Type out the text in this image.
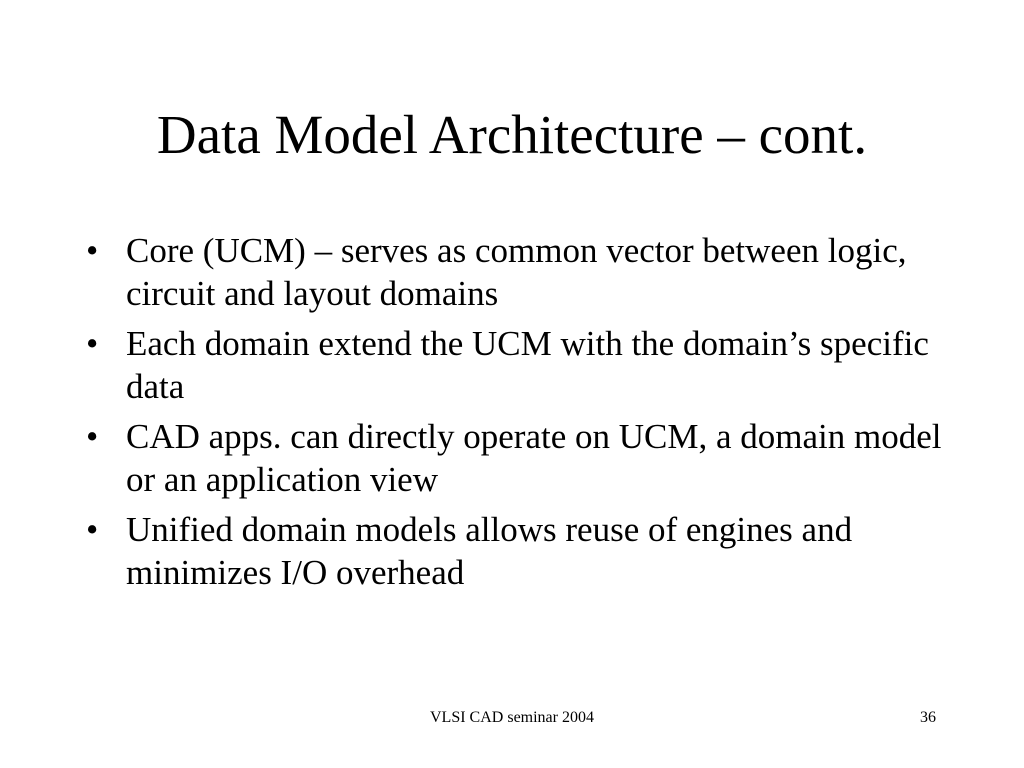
Data Model Architecture – cont.
• Core (UCM) – serves as common vector between logic, circuit and layout domains
• Each domain extend the UCM with the domain’s specific data
• CAD apps. can directly operate on UCM, a domain model or an application view
• Unified domain models allows reuse of engines and minimizes I/O overhead
VLSI CAD seminar 2004	36
